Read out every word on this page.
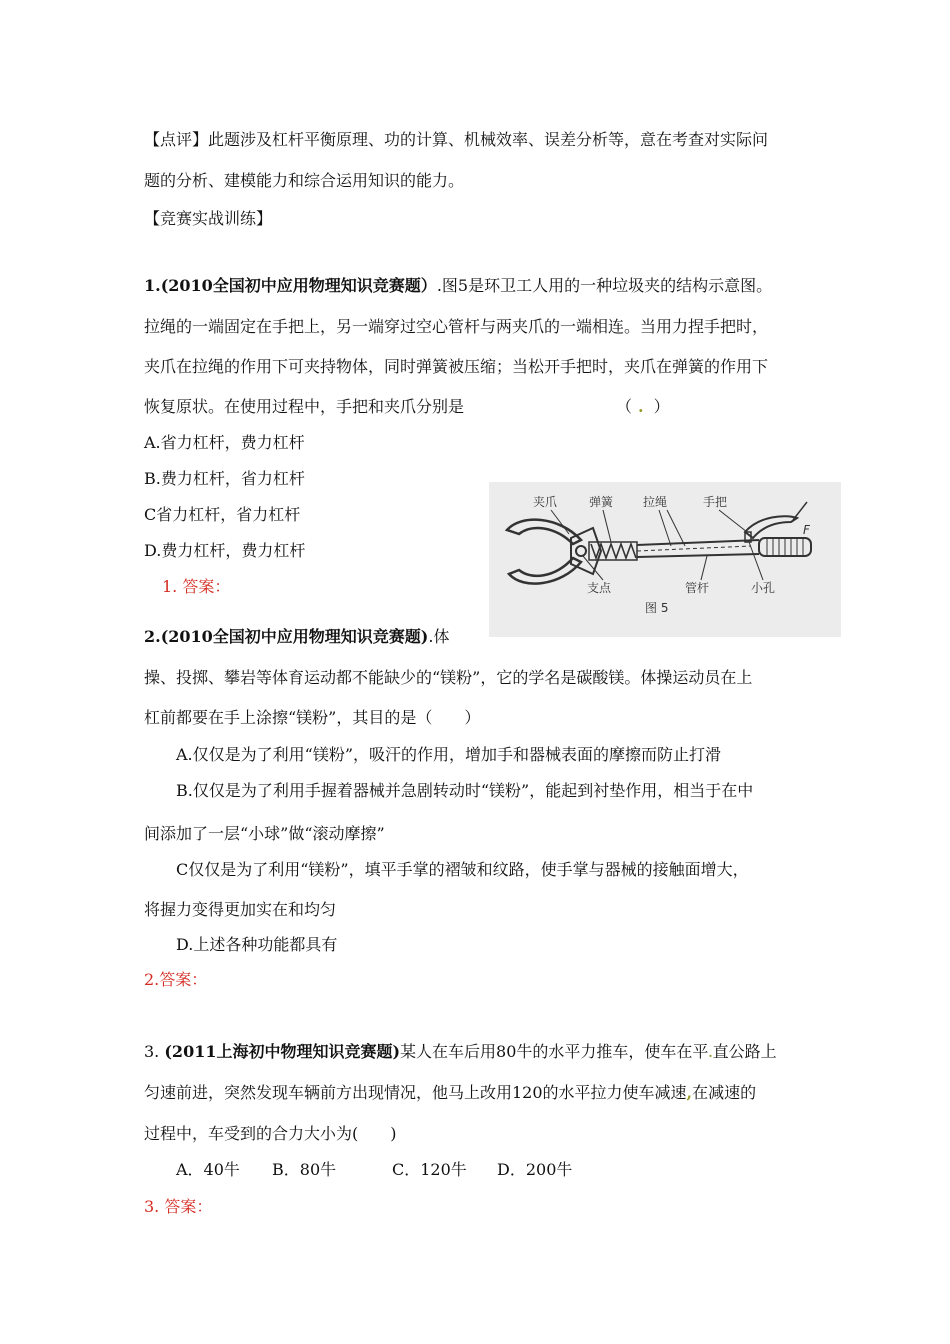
【点评】此题涉及杠杆平衡原理、功的计算、机械效率、误差分析等，意在考查对实际问
题的分析、建模能力和综合运用知识的能力。
【竞赛实战训练】
1.(2010全国初中应用物理知识竞赛题）.图5是环卫工人用的一种垃圾夹的结构示意图。
拉绳的一端固定在手把上，另一端穿过空心管杆与两夹爪的一端相连。当用力捏手把时，
夹爪在拉绳的作用下可夹持物体，同时弹簧被压缩；当松开手把时，夹爪在弹簧的作用下
恢复原状。在使用过程中，手把和夹爪分别是	（ . ）
A.省力杠杆，费力杠杆
B.费力杠杆，省力杠杆
C省力杠杆，省力杠杆
D.费力杠杆，费力杠杆
1. 答案：
夹爪	弹簧 拉绳	手把
F
支点	管杆	小孔
图 5
2.(2010全国初中应用物理知识竞赛题).体
操、投掷、攀岩等体育运动都不能缺少的“镁粉”，它的学名是碳酸镁。体操运动员在上
杠前都要在手上涂擦“镁粉”，其目的是（　　）
A.仅仅是为了利用“镁粉”，吸汗的作用，增加手和器械表面的摩擦而防止打滑
B.仅仅是为了利用手握着器械并急剧转动时“镁粉”，能起到衬垫作用，相当于在中
间添加了一层“小球”做“滚动摩擦”
C仅仅是为了利用“镁粉”，填平手掌的褶皱和纹路，使手掌与器械的接触面增大，
将握力变得更加实在和均匀
D.上述各种功能都具有
2.答案：
3. (2011上海初中物理知识竞赛题)某人在车后用80牛的水平力推车，使车在平.直公路上
匀速前进，突然发现车辆前方出现情况，他马上改用120的水平拉力使车减速,在减速的
过程中，车受到的合力大小为(　　)
A．40牛 B．80牛	C．120牛 D．200牛
3. 答案：
